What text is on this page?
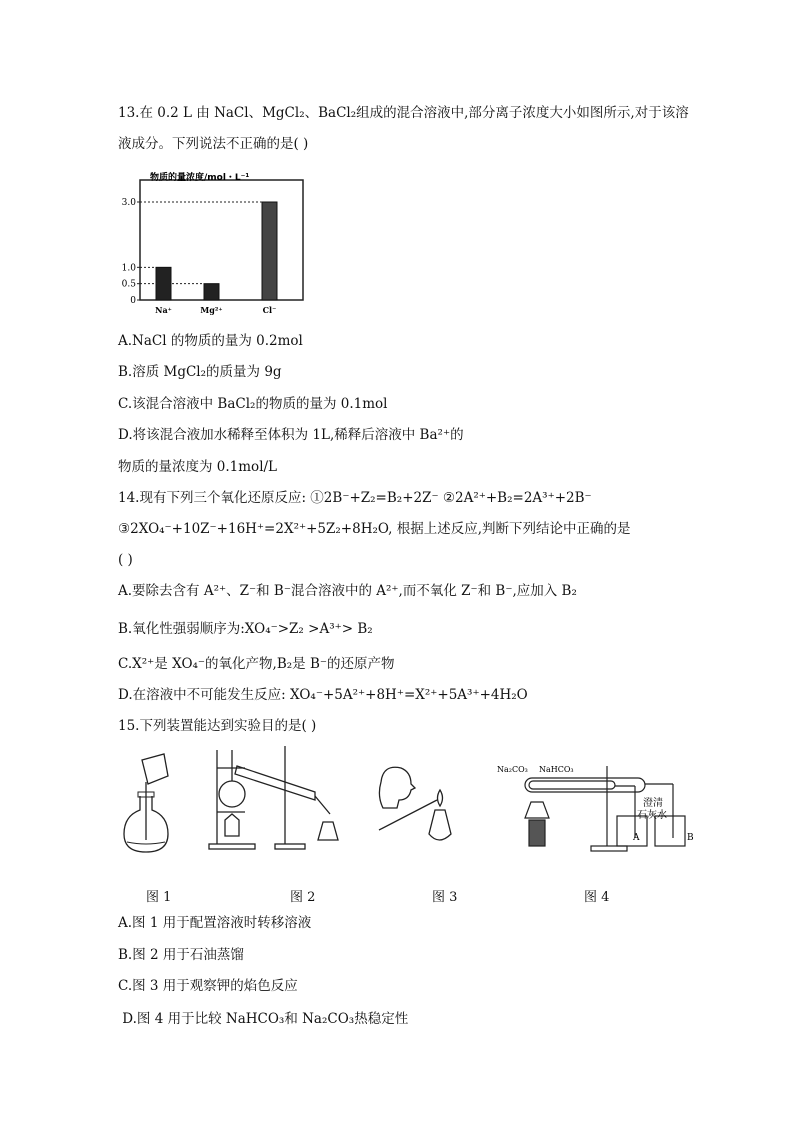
13.在 0.2 L 由 NaCl、MgCl₂、BaCl₂组成的混合溶液中,部分离子浓度大小如图所示,对于该溶
液成分。下列说法不正确的是( )
物质的量浓度/mol・L⁻¹
0
0.5
1.0
3.0
Na⁺	Mg²⁺	Cl⁻
A.NaCl 的物质的量为 0.2mol
B.溶质 MgCl₂的质量为 9g
C.该混合溶液中 BaCl₂的物质的量为 0.1mol
D.将该混合液加水稀释至体积为 1L,稀释后溶液中 Ba²⁺的
物质的量浓度为 0.1mol/L
14.现有下列三个氧化还原反应: ①2B⁻+Z₂=B₂+2Z⁻ ②2A²⁺+B₂=2A³⁺+2B⁻
③2XO₄⁻+10Z⁻+16H⁺=2X²⁺+5Z₂+8H₂O, 根据上述反应,判断下列结论中正确的是
( )
A.要除去含有 A²⁺、Z⁻和 B⁻混合溶液中的 A²⁺,而不氧化 Z⁻和 B⁻,应加入 B₂
B.氧化性强弱顺序为:XO₄⁻>Z₂ >A³⁺> B₂
C.X²⁺是 XO₄⁻的氧化产物,B₂是 B⁻的还原产物
D.在溶液中不可能发生反应: XO₄⁻+5A²⁺+8H⁺=X²⁺+5A³⁺+4H₂O
15.下列装置能达到实验目的是( )
Na₂CO₃ NaHCO₃
澄清
石灰水
A	B
图 1	图 2	图 3	图 4
A.图 1 用于配置溶液时转移溶液
B.图 2 用于石油蒸馏
C.图 3 用于观察钾的焰色反应
D.图 4 用于比较 NaHCO₃和 Na₂CO₃热稳定性
